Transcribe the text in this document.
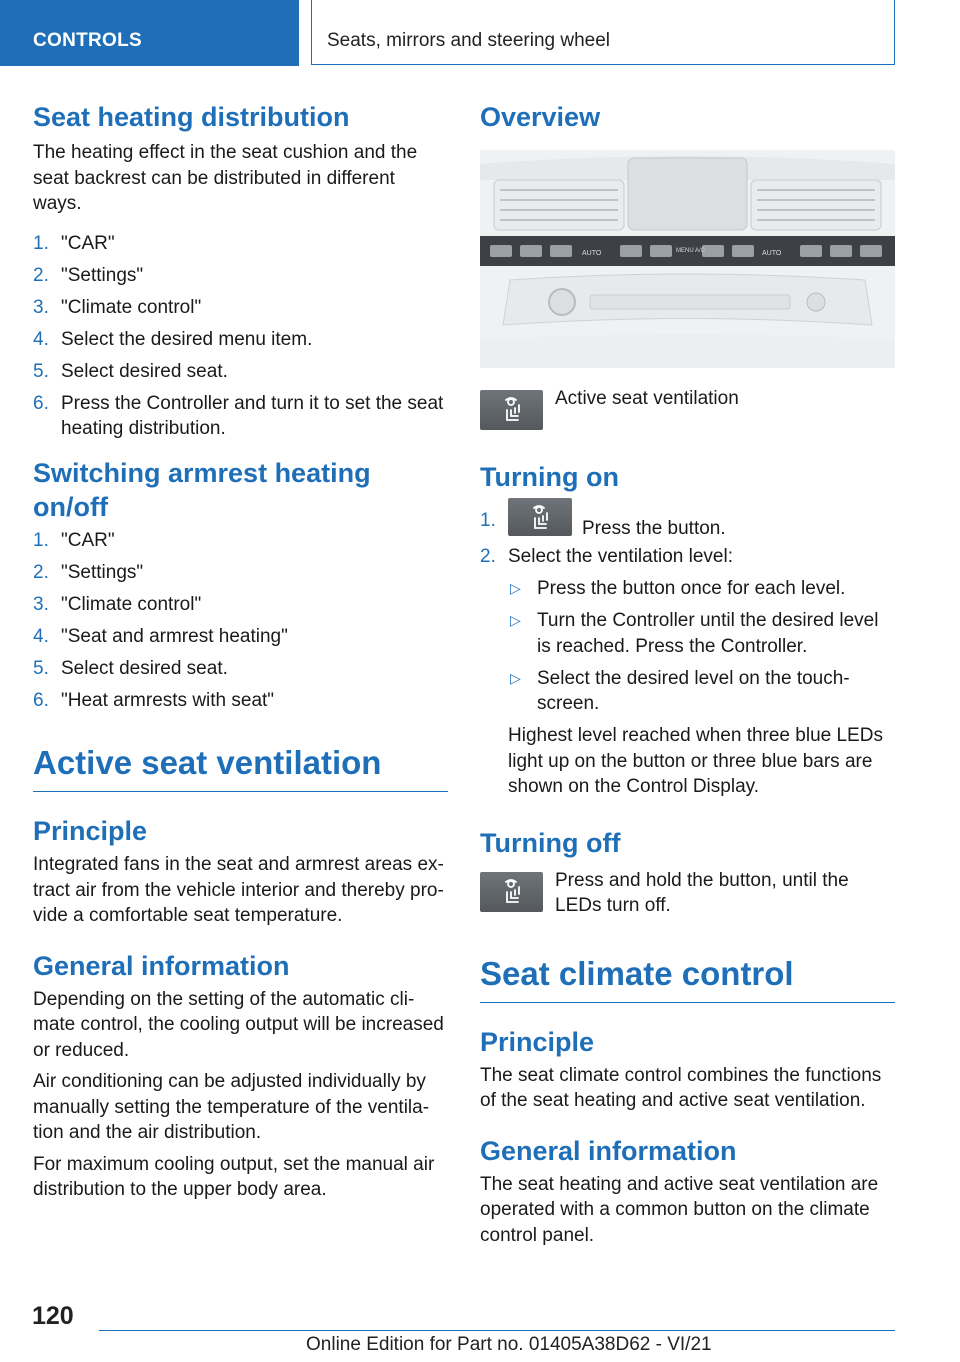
CONTROLS	Seats, mirrors and steering wheel
Seat heating distribution

The heating effect in the seat cushion and the seat backrest can be distributed in different ways.

1. "CAR"
2. "Settings"
3. "Climate control"
4. Select the desired menu item.
5. Select desired seat.
6. Press the Controller and turn it to set the seat heating distribution.
Switching armrest heating on/off
1. "CAR"
2. "Settings"
3. "Climate control"
4. "Seat and armrest heating"
5. Select desired seat.
6. "Heat armrests with seat"
Active seat ventilation
Principle

Integrated fans in the seat and armrest areas ex-tract air from the vehicle interior and thereby pro-vide a comfortable seat temperature.

General information

Depending on the setting of the automatic cli-mate control, the cooling output will be increased or reduced.

Air conditioning can be adjusted individually by manually setting the temperature of the ventila-tion and the air distribution.

For maximum cooling output, set the manual air distribution to the upper body area.

Overview
AUTO	MENU A/C	AUTO
Active seat ventilation
Turning on
1.	Press the button.
2. Select the ventilation level:
▷ Press the button once for each level.
▷ Turn the Controller until the desired level is reached. Press the Controller.
▷ Select the desired level on the touch-screen.

Highest level reached when three blue LEDs light up on the button or three blue bars are shown on the Control Display.

Turning off

Press and hold the button, until the LEDs turn off.

Seat climate control
Principle

The seat climate control combines the functions of the seat heating and active seat ventilation.

General information

The seat heating and active seat ventilation are operated with a common button on the climate control panel.

120
Online Edition for Part no. 01405A38D62 - VI/21
